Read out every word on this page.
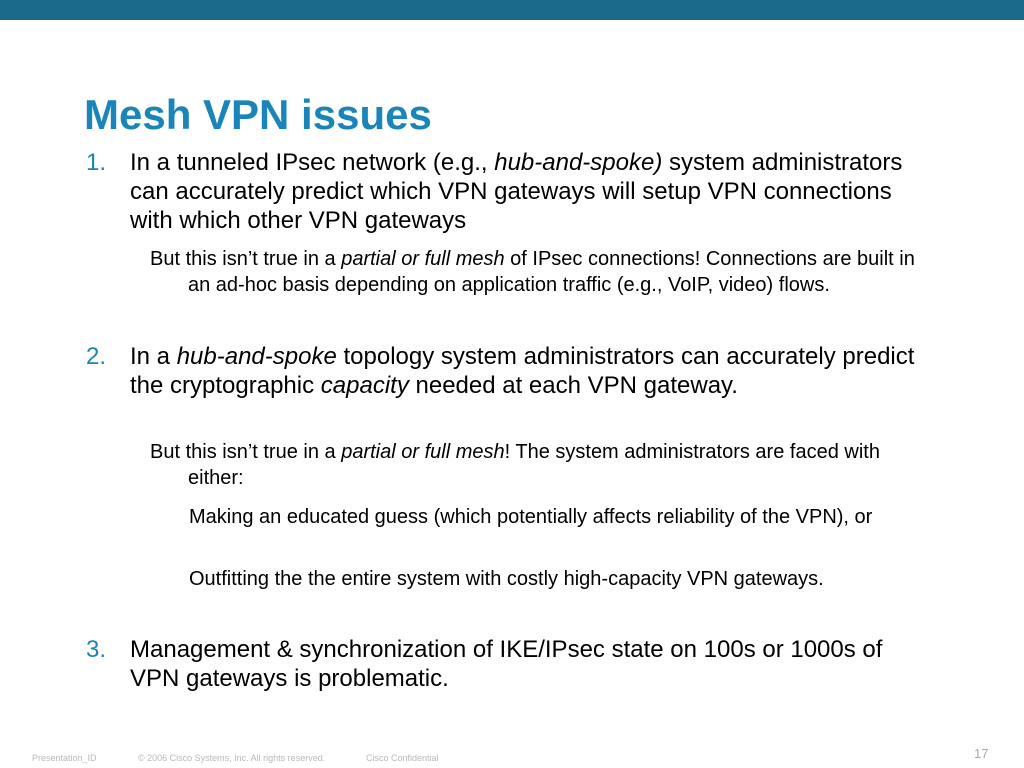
Mesh VPN issues
1. In a tunneled IPsec network (e.g., hub-and-spoke) system administrators can accurately predict which VPN gateways will setup VPN connections with which other VPN gateways
But this isn’t true in a partial or full mesh of IPsec connections! Connections are built in an ad-hoc basis depending on application traffic (e.g., VoIP, video) flows.
2. In a hub-and-spoke topology system administrators can accurately predict the cryptographic capacity needed at each VPN gateway.
But this isn’t true in a partial or full mesh! The system administrators are faced with either:
Making an educated guess (which potentially affects reliability of the VPN), or
Outfitting the the entire system with costly high-capacity VPN gateways.
3. Management & synchronization of IKE/IPsec state on 100s or 1000s of VPN gateways is problematic.
Presentation_ID	© 2006 Cisco Systems, Inc. All rights reserved.	Cisco Confidential	17
